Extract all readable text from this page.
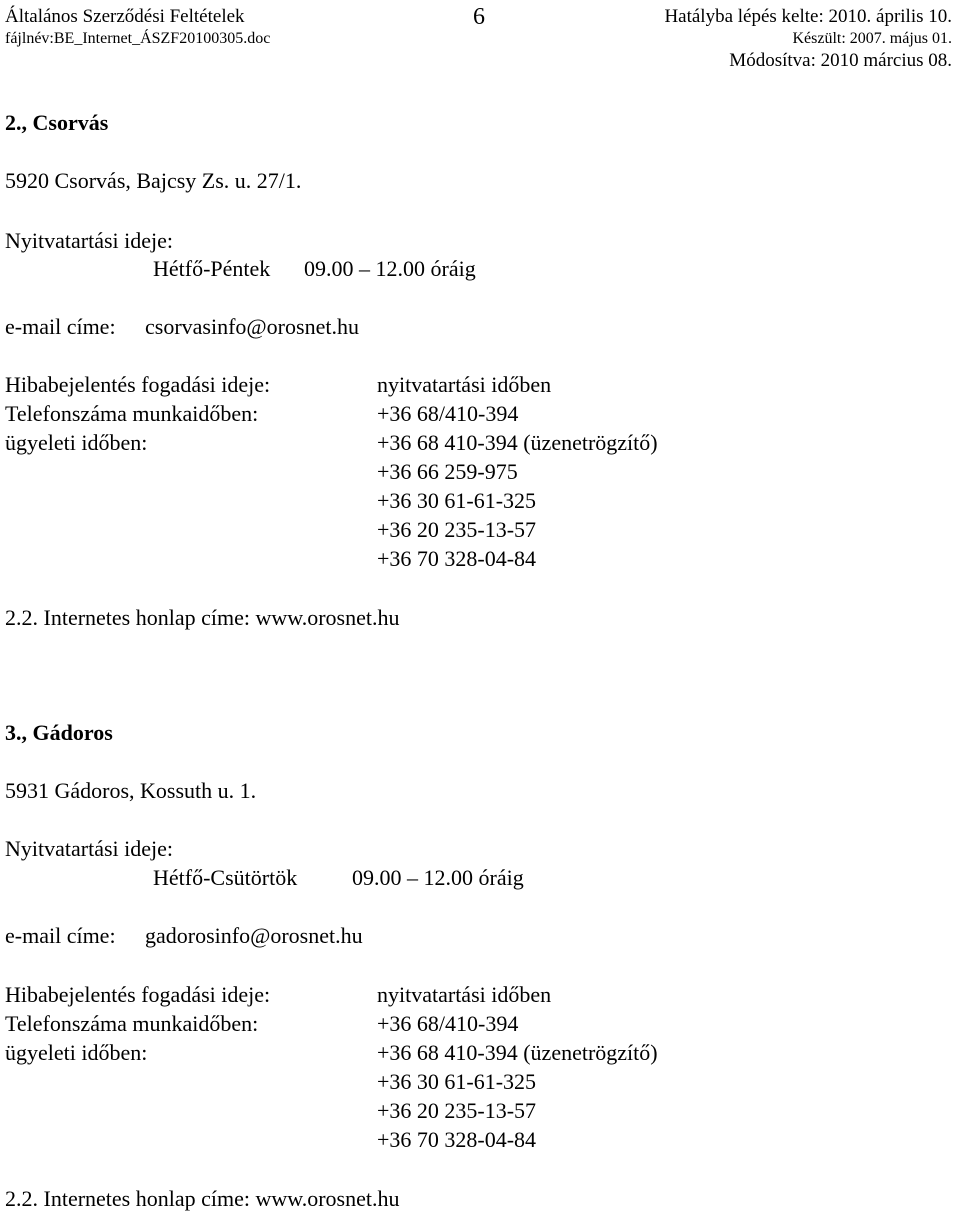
Általános Szerződési Feltételek
fájlnév:BE_Internet_ÁSZF20100305.doc
6	Hatályba lépés kelte: 2010. április 10.
Készült: 2007. május 01.
Módosítva: 2010 március 08.
2., Csorvás
5920 Csorvás, Bajcsy Zs. u. 27/1.
Nyitvatartási ideje:
Hétfő-Péntek 09.00 – 12.00 óráig
e-mail címe: csorvasinfo@orosnet.hu
Hibabejelentés fogadási ideje:	nyitvatartási időben
Telefonszáma munkaidőben:	+36 68/410-394
ügyeleti időben:	+36 68 410-394 (üzenetrögzítő)
+36 66 259-975
+36 30 61-61-325
+36 20 235-13-57
+36 70 328-04-84
2.2. Internetes honlap címe: www.orosnet.hu
3., Gádoros
5931 Gádoros, Kossuth u. 1.
Nyitvatartási ideje:
Hétfő-Csütörtök 09.00 – 12.00 óráig
e-mail címe: gadorosinfo@orosnet.hu
Hibabejelentés fogadási ideje:	nyitvatartási időben
Telefonszáma munkaidőben:	+36 68/410-394
ügyeleti időben:	+36 68 410-394 (üzenetrögzítő)
+36 30 61-61-325
+36 20 235-13-57
+36 70 328-04-84
2.2. Internetes honlap címe: www.orosnet.hu
